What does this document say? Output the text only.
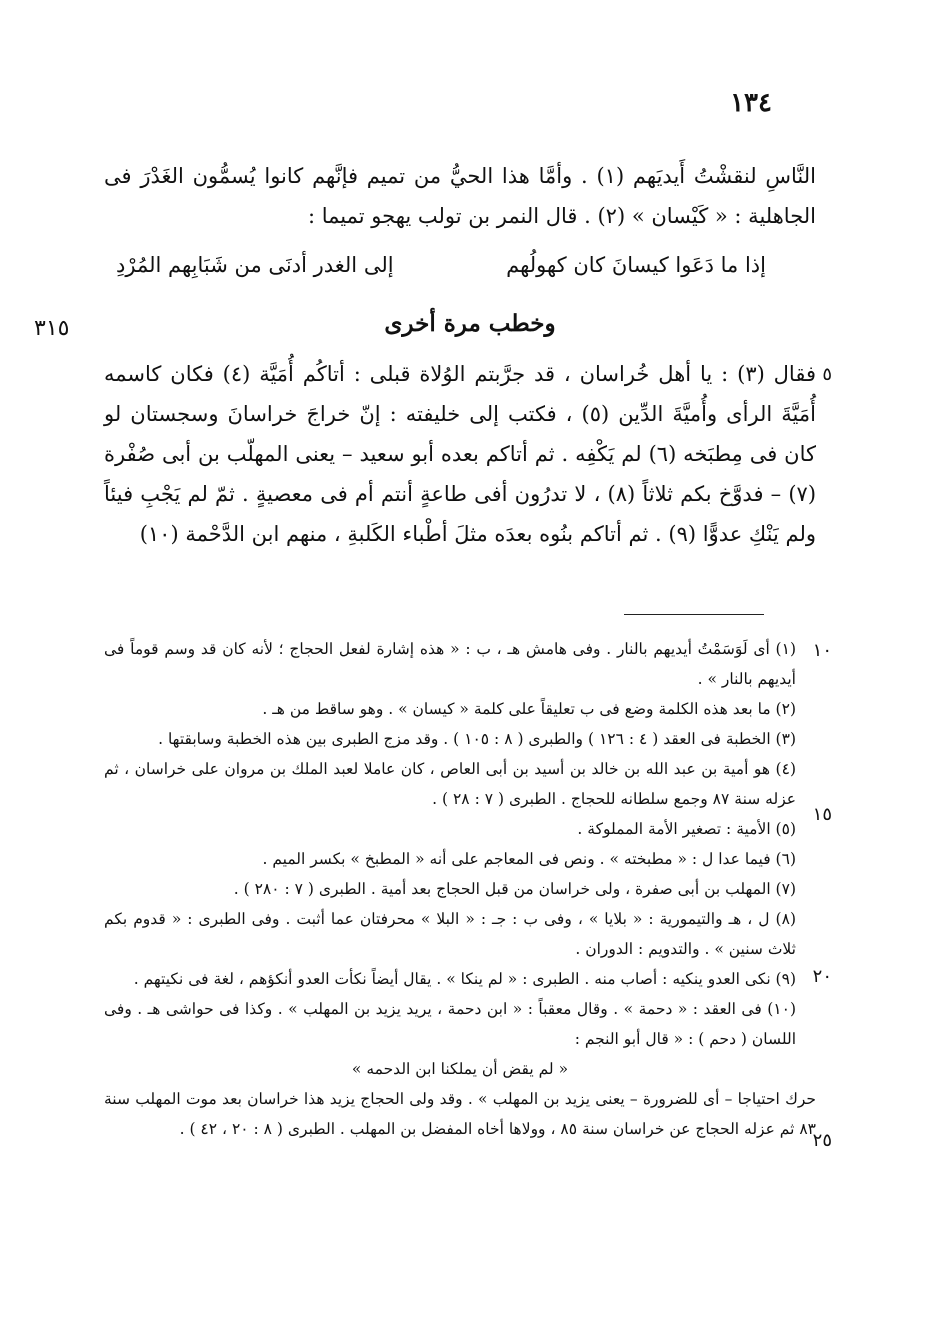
١٣٤

النَّاسِ لنقشْتُ أَيديَهم (١) . وأمَّا هذا الحيُّ من تميم فإنَّهم كانوا يُسمُّون الغَدْرَ فى الجاهلية : « كَيْسان » (٢) . قال النمر بن تولب يهجو تميما :

إذا ما دَعَوا كيسانَ كان كهولُهم
إلى الغدر أدنَى من شَبَابِهم المُرْدِ
٣١٥	وخطب مرة أخرى
٥

فقال (٣) : يا أهل خُراسان ، قد جرَّبتم الوُلاة قبلى : أتاكُم أُمَيَّة (٤) فكان كاسمه أُمَيَّةَ الرأى وأُميَّةَ الدِّين (٥) ، فكتب إلى خليفته : إنّ خراجَ خراسانَ وسجستان لو كان فى مِطبَخه (٦) لم يَكْفِه . ثم أتاكم بعده أبو سعيد – يعنى المهلّب بن أبى صُفْرة (٧) – فدوَّخ بكم ثلاثاً (٨) ، لا تدرُون أفى طاعةٍ أنتم أم فى معصيةٍ . ثمّ لم يَجْبِ فيئاً ولم يَنْكِ عدوًّا (٩) . ثم أتاكم بنُوه بعدَه مثلَ أطْباء الكَلبةِ ، منهم ابن الدَّحْمة (١٠)

١٠
١٥
٢٠
٢٥

(١) أى لَوَسَمْتُ أيديهم بالنار . وفى هامش هـ ، ب : « هذه إشارة لفعل الحجاج ؛ لأنه كان قد وسم قوماً فى أيديهم بالنار » .

(٢) ما بعد هذه الكلمة وضع فى ب تعليقاً على كلمة « كيسان » . وهو ساقط من هـ .

(٣) الخطبة فى العقد ( ٤ : ١٢٦ ) والطبرى ( ٨ : ١٠٥ ) . وقد مزج الطبرى بين هذه الخطبة وسابقتها .

(٤) هو أمية بن عبد الله بن خالد بن أسيد بن أبى العاص ، كان عاملا لعبد الملك بن مروان على خراسان ، ثم عزله سنة ٨٧ وجمع سلطانه للحجاج . الطبرى ( ٧ : ٢٨ ) .

(٥) الأمية : تصغير الأمة المملوكة .

(٦) فيما عدا ل : « مطبخته » . ونص فى المعاجم على أنه « المطبخ » بكسر الميم .

(٧) المهلب بن أبى صفرة ، ولى خراسان من قبل الحجاج بعد أمية . الطبرى ( ٧ : ٢٨٠ ) .

(٨) ل ، هـ والتيمورية : « بلايا » ، وفى ب : جـ : « البلا » محرفتان عما أثبت . وفى الطبرى : « قدوم بكم ثلاث سنين » . والتدويم : الدوران .

(٩) نكى العدو ينكيه : أصاب منه . الطبرى : « لم ينكا » . يقال أيضاً نكأت العدو أنكؤهم ، لغة فى نكيتهم .

(١٠) فى العقد : « دحمة » . وقال معقباً : « ابن دحمة ، يريد يزيد بن المهلب » . وكذا فى حواشى هـ . وفى اللسان ( دحم ) : « قال أبو النجم :

« لم يقض أن يملكنا ابن الدحمه »

حرك احتياجا – أى للضرورة – يعنى يزيد بن المهلب » . وقد ولى الحجاج يزيد هذا خراسان بعد موت المهلب سنة ٨٣ ثم عزله الحجاج عن خراسان سنة ٨٥ ، وولاها أخاه المفضل بن المهلب . الطبرى ( ٨ : ٢٠ ، ٤٢ ) .
